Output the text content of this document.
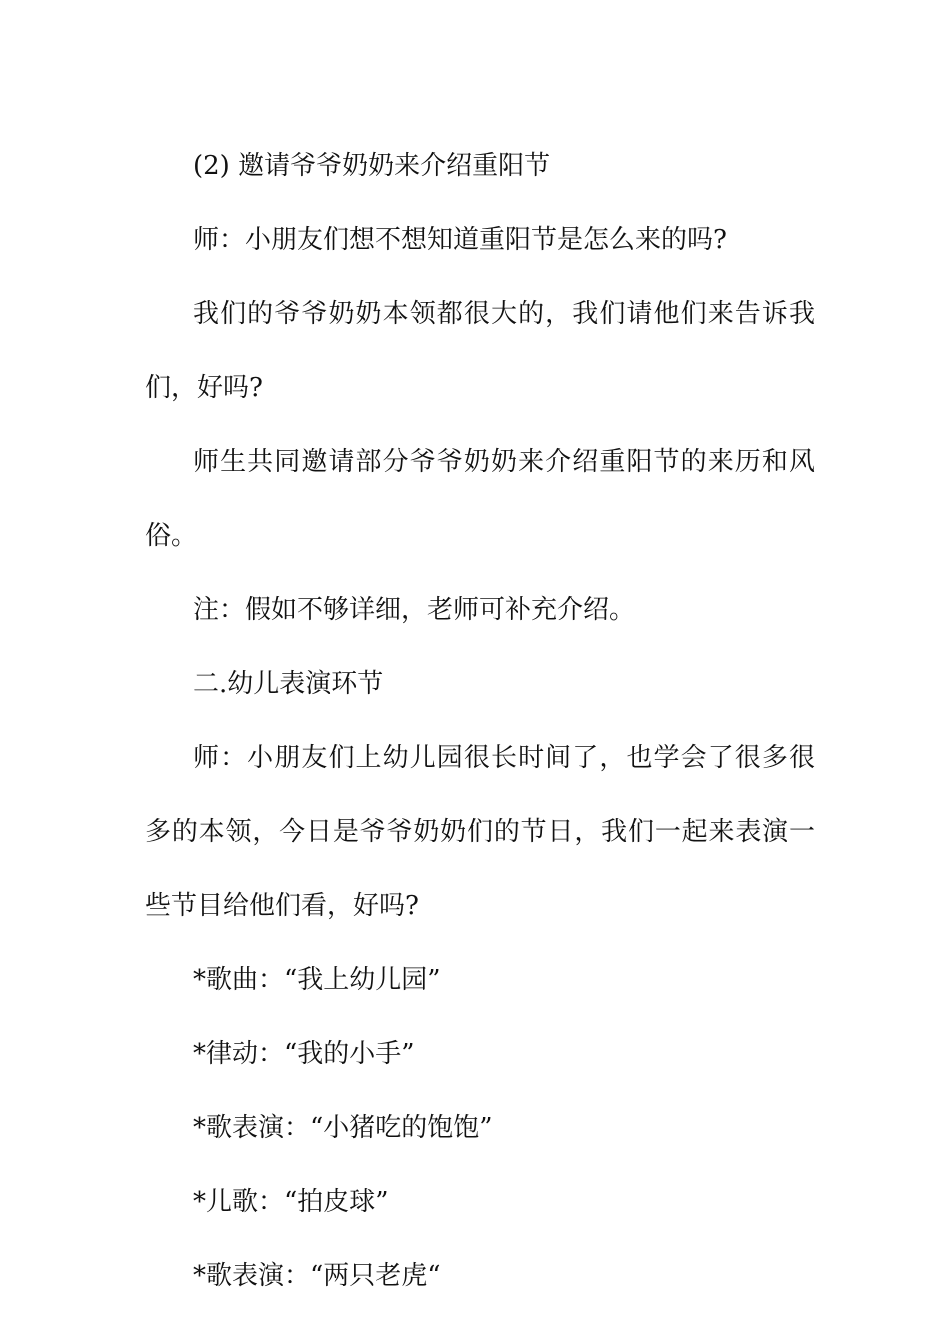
(2) 邀请爷爷奶奶来介绍重阳节

师：小朋友们想不想知道重阳节是怎么来的吗?

我们的爷爷奶奶本领都很大的，我们请他们来告诉我们，好吗?

师生共同邀请部分爷爷奶奶来介绍重阳节的来历和风俗。

注：假如不够详细，老师可补充介绍。

二.幼儿表演环节

师：小朋友们上幼儿园很长时间了，也学会了很多很多的本领，今日是爷爷奶奶们的节日，我们一起来表演一些节目给他们看，好吗?

*歌曲：“我上幼儿园”

*律动：“我的小手”

*歌表演：“小猪吃的饱饱”

*儿歌：“拍皮球”

*歌表演：“两只老虎“
